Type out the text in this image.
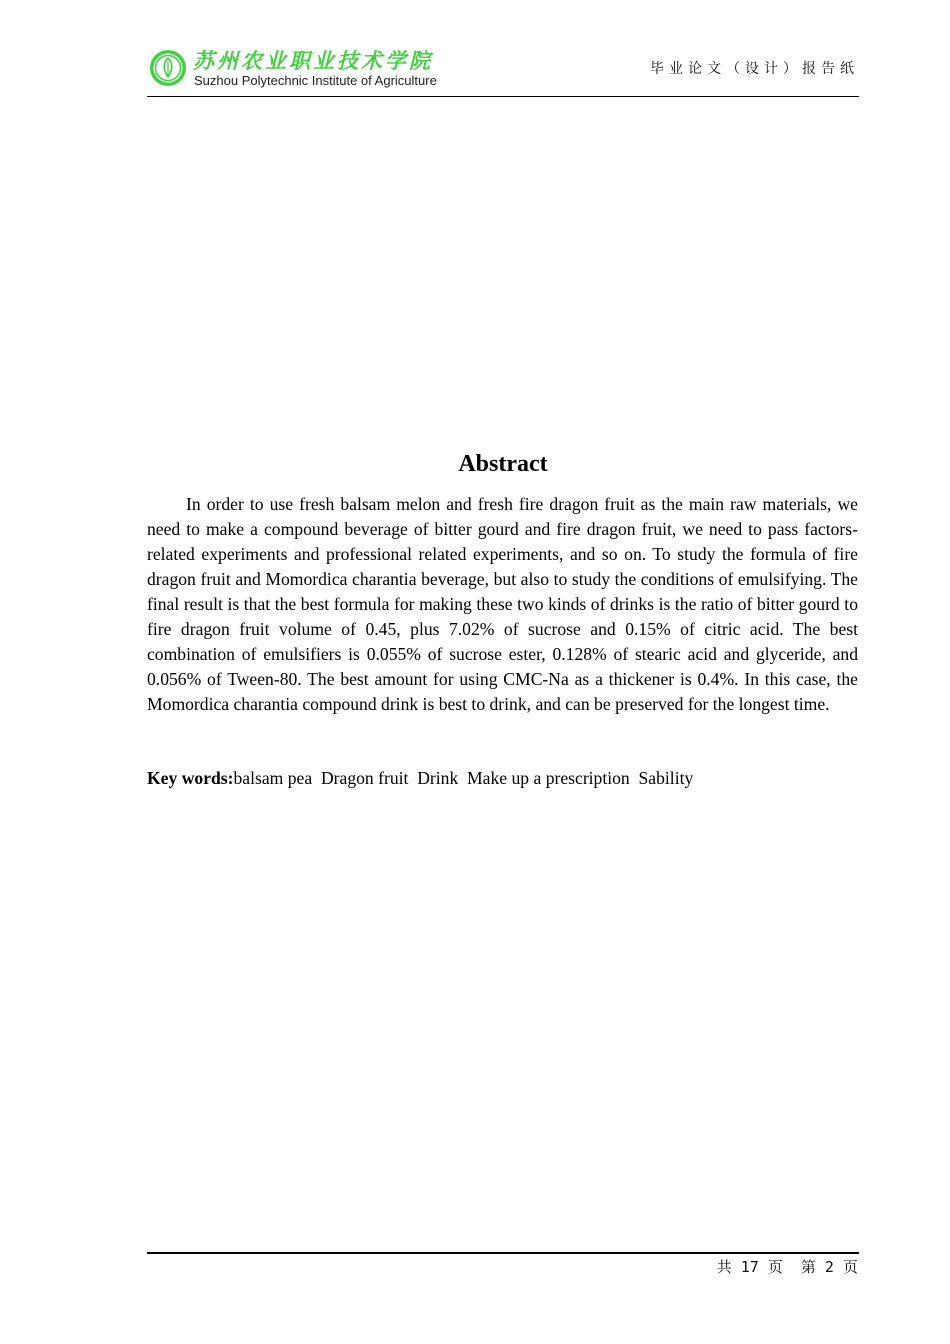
苏州农业职业技术学院
Suzhou Polytechnic Institute of Agriculture
毕业论文（设计）报告纸
Abstract

In order to use fresh balsam melon and fresh fire dragon fruit as the main raw materials, we need to make a compound beverage of bitter gourd and fire dragon fruit, we need to pass factors-related experiments and professional related experiments, and so on. To study the formula of fire dragon fruit and Momordica charantia beverage, but also to study the conditions of emulsifying. The final result is that the best formula for making these two kinds of drinks is the ratio of bitter gourd to fire dragon fruit volume of 0.45, plus 7.02% of sucrose and 0.15% of citric acid. The best combination of emulsifiers is 0.055% of sucrose ester, 0.128% of stearic acid and glyceride, and 0.056% of Tween-80. The best amount for using CMC-Na as a thickener is 0.4%. In this case, the Momordica charantia compound drink is best to drink, and can be preserved for the longest time.

Key words:balsam pea  Dragon fruit  Drink  Make up a prescription  Sability
共 17 页  第 2 页
